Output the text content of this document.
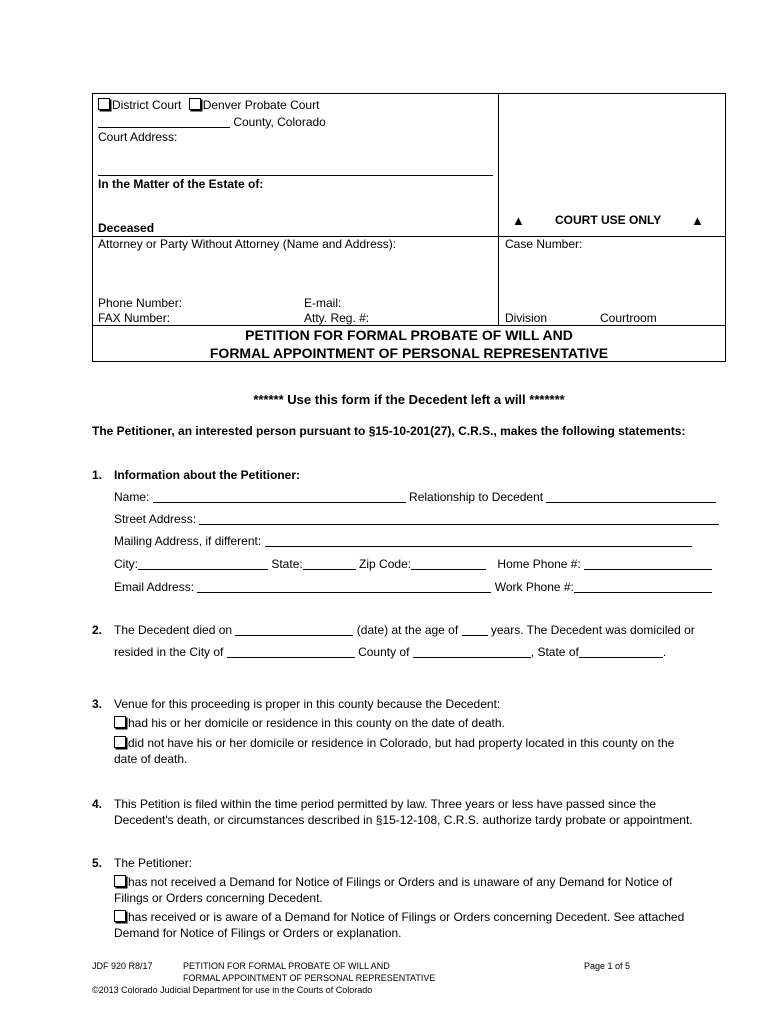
District Court Denver Probate Court
County, Colorado
Court Address:
In the Matter of the Estate of:
Deceased
Attorney or Party Without Attorney (Name and Address):
Phone Number:	E-mail:
FAX Number:	Atty. Reg. #:
▲	COURT USE ONLY ▲
Case Number:
Division	Courtroom
PETITION FOR FORMAL PROBATE OF WILL AND
FORMAL APPOINTMENT OF PERSONAL REPRESENTATIVE
****** Use this form if the Decedent left a will *******
The Petitioner, an interested person pursuant to §15-10-201(27), C.R.S., makes the following statements:
1. Information about the Petitioner:
Name:	Relationship to Decedent
Street Address:
Mailing Address, if different:
City:	State:	Zip Code:	Home Phone #:
Email Address:	Work Phone #:
2. The Decedent died on	(date) at the age of	years. The Decedent was domiciled or
resided in the City of	County of	, State of	.
3. Venue for this proceeding is proper in this county because the Decedent:
had his or her domicile or residence in this county on the date of death.
did not have his or her domicile or residence in Colorado, but had property located in this county on the
date of death.
4. This Petition is filed within the time period permitted by law. Three years or less have passed since the
Decedent's death, or circumstances described in §15-12-108, C.R.S. authorize tardy probate or appointment.
5. The Petitioner:
has not received a Demand for Notice of Filings or Orders and is unaware of any Demand for Notice of
Filings or Orders concerning Decedent.
has received or is aware of a Demand for Notice of Filings or Orders concerning Decedent. See attached
Demand for Notice of Filings or Orders or explanation.
JDF 920 R8/17	PETITION FOR FORMAL PROBATE OF WILL AND
FORMAL APPOINTMENT OF PERSONAL REPRESENTATIVE
©2013 Colorado Judicial Department for use in the Courts of Colorado
Page 1 of 5
